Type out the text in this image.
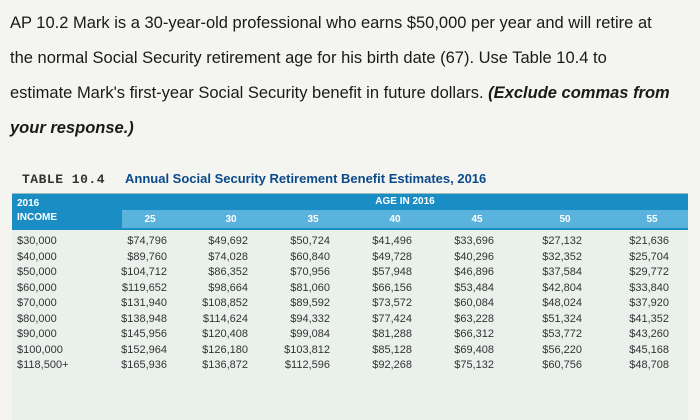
AP 10.2 Mark is a 30-year-old professional who earns $50,000 per year and will retire at
the normal Social Security retirement age for his birth date (67). Use Table 10.4 to
estimate Mark's first-year Social Security benefit in future dollars. (Exclude commas from
your response.)
TABLE 10.4 Annual Social Security Retirement Benefit Estimates, 2016
2016
INCOME
AGE IN 2016
25	30	35	40	45	50	55
$30,000	$74,796	$49,692	$50,724	$41,496	$33,696	$27,132	$21,636
$40,000	$89,760	$74,028	$60,840	$49,728	$40,296	$32,352	$25,704
$50,000	$104,712	$86,352	$70,956	$57,948	$46,896	$37,584	$29,772
$60,000	$119,652	$98,664	$81,060	$66,156	$53,484	$42,804	$33,840
$70,000	$131,940	$108,852	$89,592	$73,572	$60,084	$48,024	$37,920
$80,000	$138,948	$114,624	$94,332	$77,424	$63,228	$51,324	$41,352
$90,000	$145,956	$120,408	$99,084	$81,288	$66,312	$53,772	$43,260
$100,000	$152,964	$126,180	$103,812	$85,128	$69,408	$56,220	$45,168
$118,500+	$165,936	$136,872	$112,596	$92,268	$75,132	$60,756	$48,708
